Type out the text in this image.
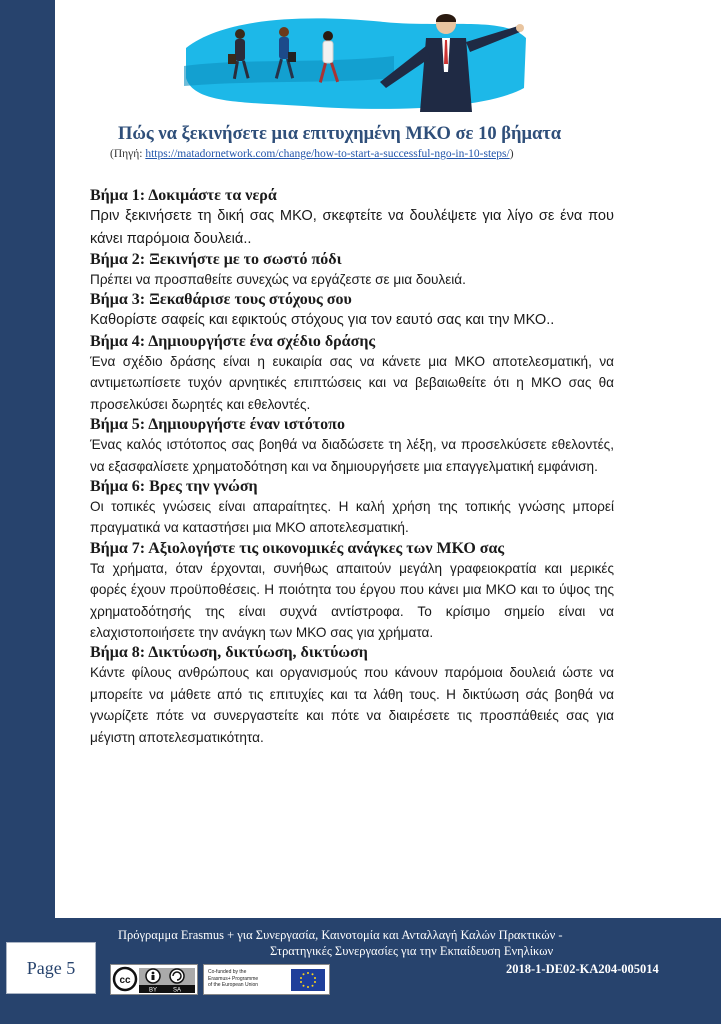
Πώς να ξεκινήσετε μια επιτυχημένη ΜΚΟ σε 10 βήματα
(Πηγή: https://matadornetwork.com/change/how-to-start-a-successful-ngo-in-10-steps/)

Βήμα 1: Δοκιμάστε τα νερά

Πριν ξεκινήσετε τη δική σας ΜΚΟ, σκεφτείτε να δουλέψετε για λίγο σε ένα που κάνει παρόμοια δουλειά..

Βήμα 2: Ξεκινήστε με το σωστό πόδι

Πρέπει να προσπαθείτε συνεχώς να εργάζεστε σε μια δουλειά.

Βήμα 3: Ξεκαθάρισε τους στόχους σου

Καθορίστε σαφείς και εφικτούς στόχους για τον εαυτό σας και την ΜΚΟ..

Βήμα 4: Δημιουργήστε ένα σχέδιο δράσης

Ένα σχέδιο δράσης είναι η ευκαιρία σας να κάνετε μια ΜΚΟ αποτελεσματική, να αντιμετωπίσετε τυχόν αρνητικές επιπτώσεις και να βεβαιωθείτε ότι η ΜΚΟ σας θα προσελκύσει δωρητές και εθελοντές.

Βήμα 5: Δημιουργήστε έναν ιστότοπο

Ένας καλός ιστότοπος σας βοηθά να διαδώσετε τη λέξη, να προσελκύσετε εθελοντές, να εξασφαλίσετε χρηματοδότηση και να δημιουργήσετε μια επαγγελματική εμφάνιση.

Βήμα 6: Βρες την γνώση

Οι τοπικές γνώσεις είναι απαραίτητες. Η καλή χρήση της τοπικής γνώσης μπορεί πραγματικά να καταστήσει μια ΜΚΟ αποτελεσματική.

Βήμα 7: Αξιολογήστε τις οικονομικές ανάγκες των ΜΚΟ σας

Τα χρήματα, όταν έρχονται, συνήθως απαιτούν μεγάλη γραφειοκρατία και μερικές φορές έχουν προϋποθέσεις. Η ποιότητα του έργου που κάνει μια ΜΚΟ και το ύψος της χρηματοδότησής της είναι συχνά αντίστροφα. Το κρίσιμο σημείο είναι να ελαχιστοποιήσετε την ανάγκη των ΜΚΟ σας για χρήματα.

Βήμα 8: Δικτύωση, δικτύωση, δικτύωση

Κάντε φίλους ανθρώπους και οργανισμούς που κάνουν παρόμοια δουλειά ώστε να μπορείτε να μάθετε από τις επιτυχίες και τα λάθη τους. Η δικτύωση σάς βοηθά να γνωρίζετε πότε να συνεργαστείτε και πότε να διαιρέσετε τις προσπάθειές σας για μέγιστη αποτελεσματικότητα.

Page 5
Πρόγραμμα Erasmus + για Συνεργασία, Καινοτομία και Ανταλλαγή Καλών Πρακτικών -
Στρατηγικές Συνεργασίες για την Εκπαίδευση Ενηλίκων
2018-1-DE02-KA204-005014
cc
BY	SA
Co-funded by the
Erasmus+ Programme
of the European Union
